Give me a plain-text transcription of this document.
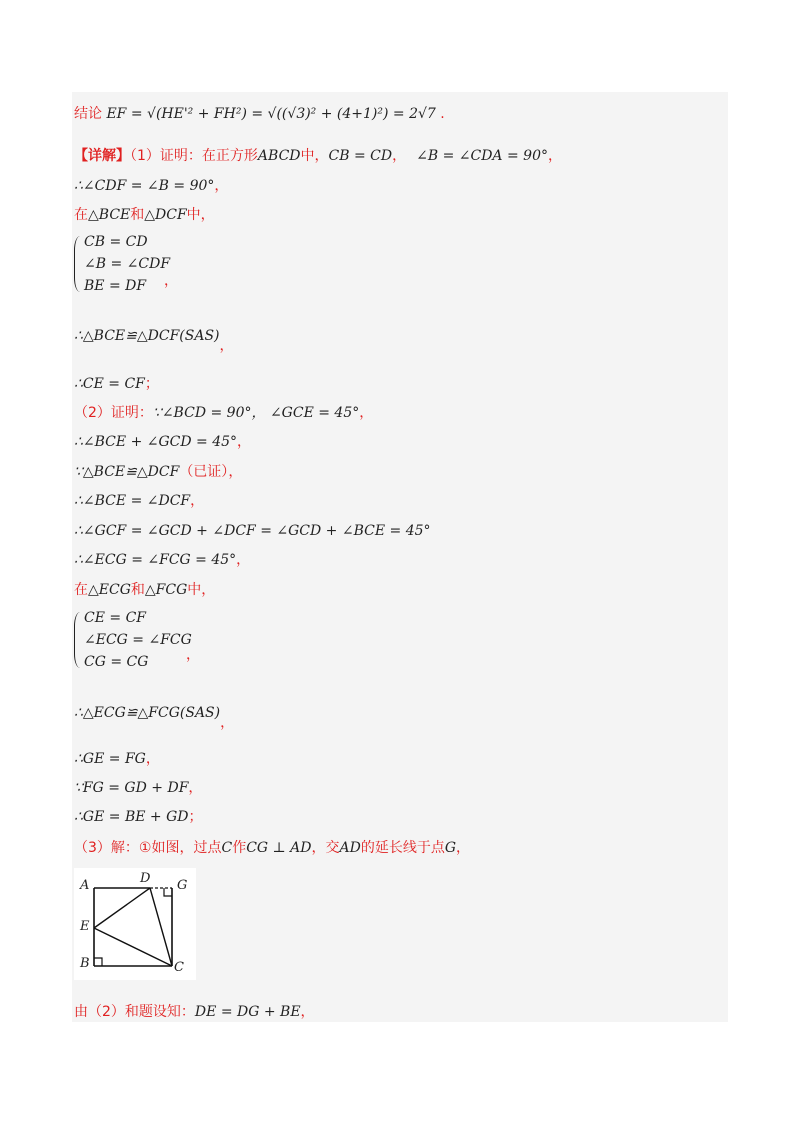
结论 EF = √(HE'² + FH²) = √((√3)² + (4+1)²) = 2√7 .
【详解】（1）证明：在正方形ABCD中，CB = CD， ∠B = ∠CDA = 90°，
∴∠CDF = ∠B = 90°，
在△BCE和△DCF中，
CB = CD
∠B = ∠CDF
BE = DF ，
∴△BCE≌△DCF(SAS)，
∴CE = CF；
（2）证明：∵∠BCD = 90°， ∠GCE = 45°，
∴∠BCE + ∠GCD = 45°，
∵△BCE≌△DCF（已证），
∴∠BCE = ∠DCF，
∴∠GCF = ∠GCD + ∠DCF = ∠GCD + ∠BCE = 45°
∴∠ECG = ∠FCG = 45°，
在△ECG和△FCG中，
CE = CF
∠ECG = ∠FCG
CG = CG	，
∴△ECG≌△FCG(SAS)，
∴GE = FG，
∵FG = GD + DF，
∴GE = BE + GD；
（3）解：①如图，过点C作CG ⊥ AD，交AD的延长线于点G，
A	D G
E
B	C
由（2）和题设知：DE = DG + BE，
